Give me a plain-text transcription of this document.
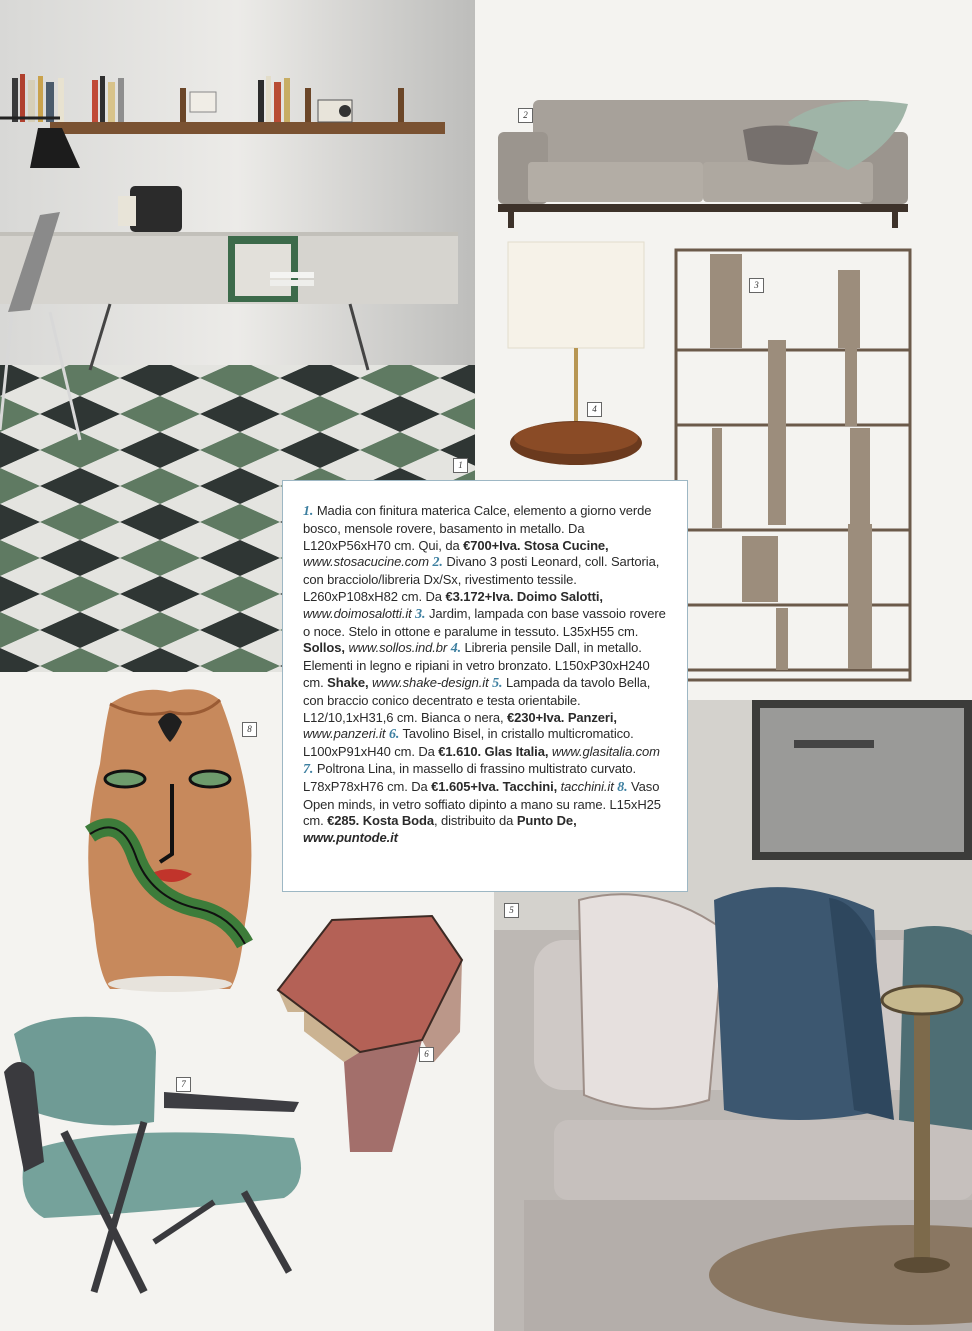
1
2
4
3
8
5
6
7

1. Madia con finitura materica Calce, elemento a giorno verde bosco, mensole rovere, basamento in metallo. Da L120xP56xH70 cm. Qui, da €700+Iva. Stosa Cucine, www.stosacucine.com 2. Divano 3 posti Leonard, coll. Sartoria, con bracciolo/libreria Dx/Sx, rivestimento tessile. L260xP108xH82 cm. Da €3.172+Iva. Doimo Salotti, www.doimosalotti.it 3. Jardim, lampada con base vassoio rovere o noce. Stelo in ottone e paralume in tessuto. L35xH55 cm. Sollos, www.sollos.ind.br 4. Libreria pensile Dall, in metallo. Elementi in legno e ripiani in vetro bronzato. L150xP30xH240 cm. Shake, www.shake-design.it 5. Lampada da tavolo Bella, con braccio conico decentrato e testa orientabile. L12/10,1xH31,6 cm. Bianca o nera, €230+Iva. Panzeri, www.panzeri.it 6. Tavolino Bisel, in cristallo multicromatico. L100xP91xH40 cm. Da €1.610. Glas Italia, www.glasitalia.com 7. Poltrona Lina, in massello di frassino multistrato curvato. L78xP78xH76 cm. Da €1.605+Iva. Tacchini, tacchini.it 8. Vaso Open minds, in vetro soffiato dipinto a mano su rame. L15xH25 cm. €285. Kosta Boda, distribuito da Punto De, www.puntode.it
